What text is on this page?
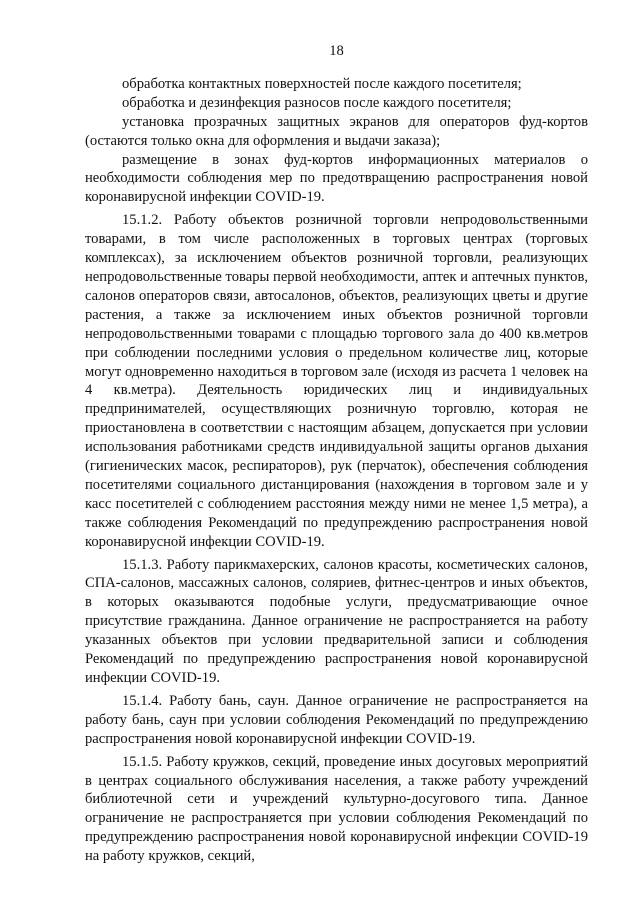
18

обработка контактных поверхностей после каждого посетителя;

обработка и дезинфекция разносов после каждого посетителя;

установка прозрачных защитных экранов для операторов фуд-кортов (остаются только окна для оформления и выдачи заказа);

размещение в зонах фуд-кортов информационных материалов о необходимости соблюдения мер по предотвращению распространения новой коронавирусной инфекции COVID-19.

15.1.2. Работу объектов розничной торговли непродовольственными товарами, в том числе расположенных в торговых центрах (торговых комплексах), за исключением объектов розничной торговли, реализующих непродовольственные товары первой необходимости, аптек и аптечных пунктов, салонов операторов связи, автосалонов, объектов, реализующих цветы и другие растения, а также за исключением иных объектов розничной торговли непродовольственными товарами с площадью торгового зала до 400 кв.метров при соблюдении последними условия о предельном количестве лиц, которые могут одновременно находиться в торговом зале (исходя из расчета 1 человек на 4 кв.метра). Деятельность юридических лиц и индивидуальных предпринимателей, осуществляющих розничную торговлю, которая не приостановлена в соответствии с настоящим абзацем, допускается при условии использования работниками средств индивидуальной защиты органов дыхания (гигиенических масок, респираторов), рук (перчаток), обеспечения соблюдения посетителями социального дистанцирования (нахождения в торговом зале и у касс посетителей с соблюдением расстояния между ними не менее 1,5 метра), а также соблюдения Рекомендаций по предупреждению распространения новой коронавирусной инфекции COVID-19.

15.1.3. Работу парикмахерских, салонов красоты, косметических салонов, СПА-салонов, массажных салонов, соляриев, фитнес-центров и иных объектов, в которых оказываются подобные услуги, предусматривающие очное присутствие гражданина. Данное ограничение не распространяется на работу указанных объектов при условии предварительной записи и соблюдения Рекомендаций по предупреждению распространения новой коронавирусной инфекции COVID-19.

15.1.4. Работу бань, саун. Данное ограничение не распространяется на работу бань, саун при условии соблюдения Рекомендаций по предупреждению распространения новой коронавирусной инфекции COVID-19.

15.1.5. Работу кружков, секций, проведение иных досуговых мероприятий в центрах социального обслуживания населения, а также работу учреждений библиотечной сети и учреждений культурно-досугового типа. Данное ограничение не распространяется при условии соблюдения Рекомендаций по предупреждению распространения новой коронавирусной инфекции COVID-19 на работу кружков, секций,
